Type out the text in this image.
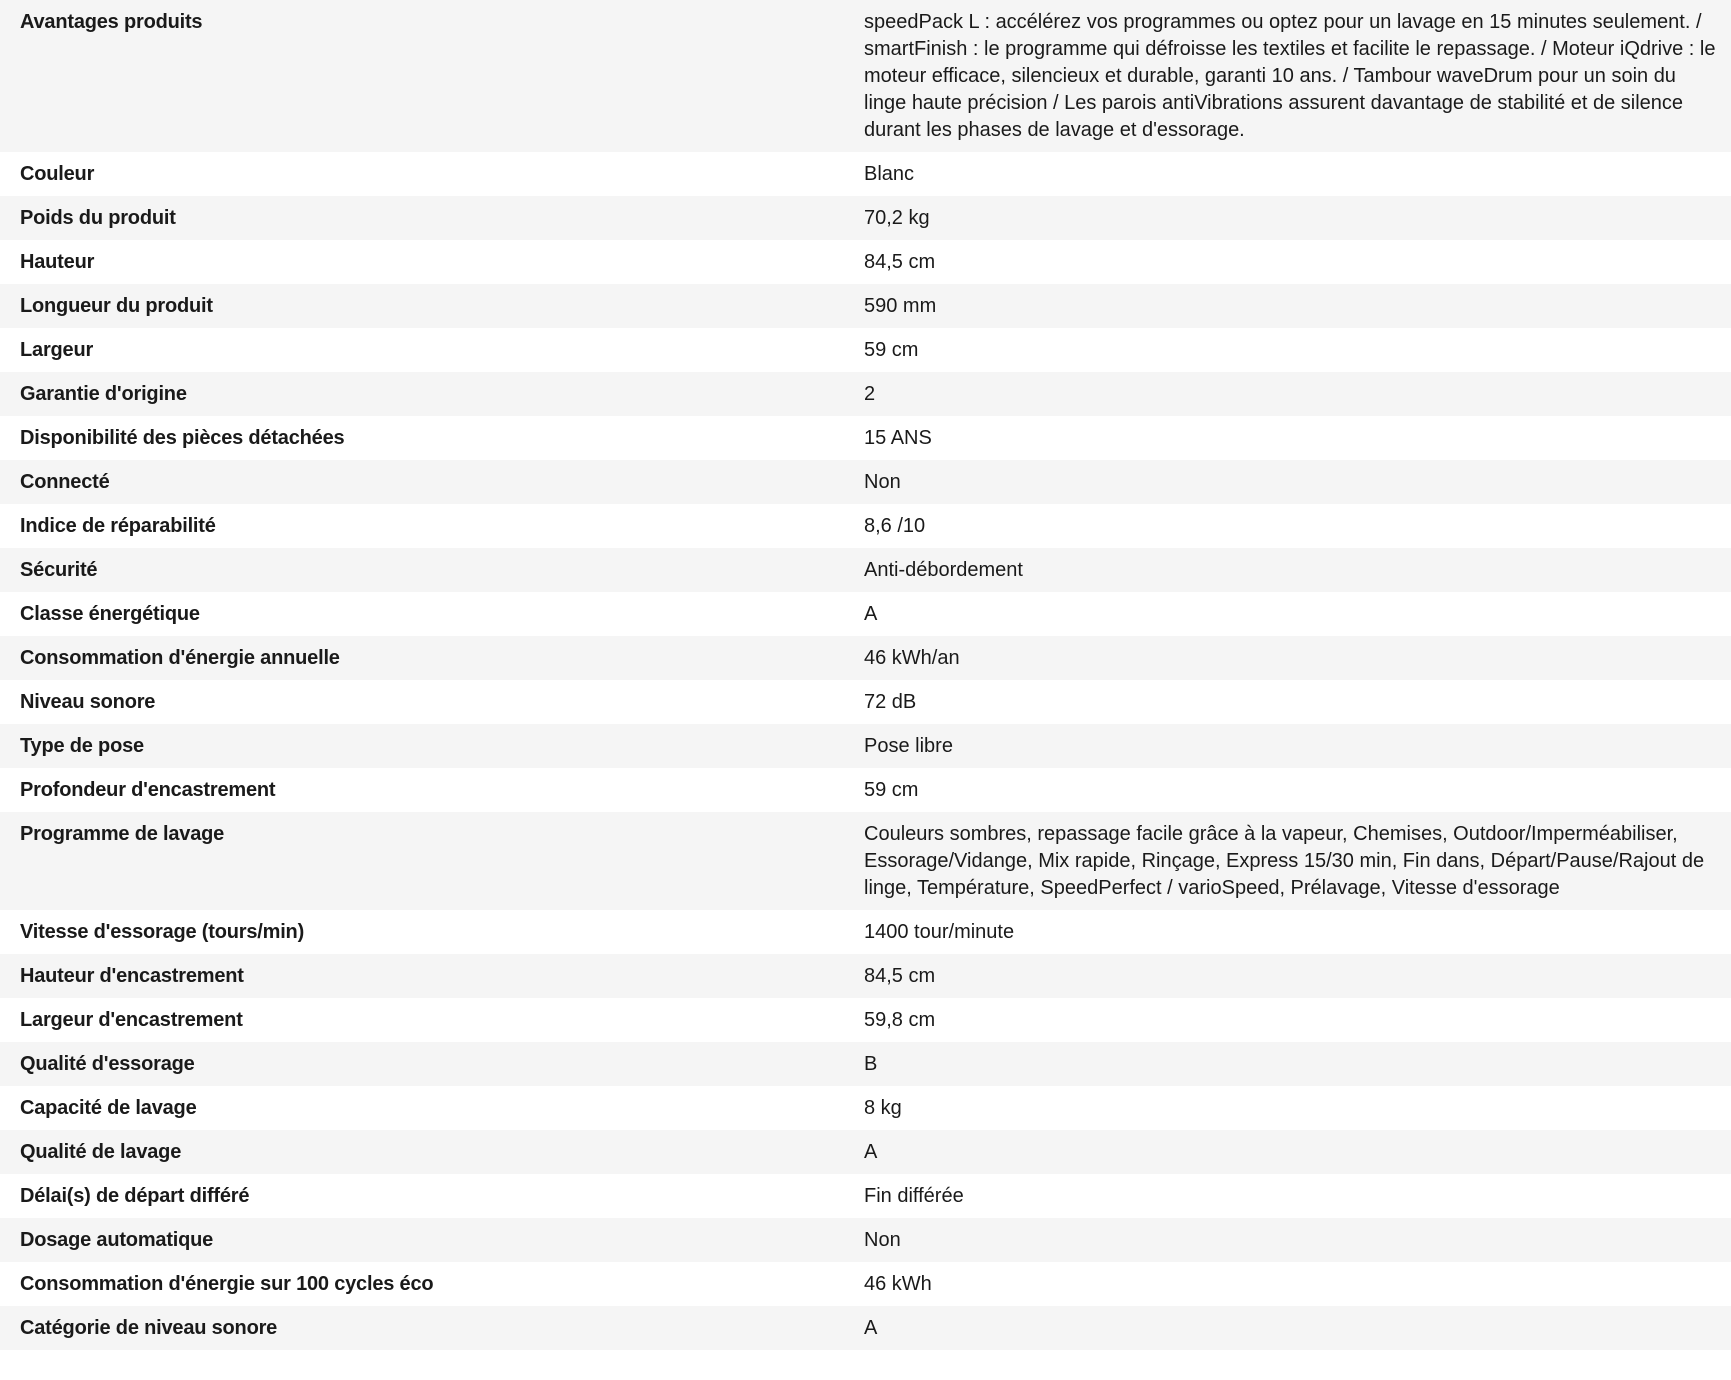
Avantages produits	speedPack L : accélérez vos programmes ou optez pour un lavage en 15 minutes seulement. / smartFinish : le programme qui défroisse les textiles et facilite le repassage. / Moteur iQdrive : le moteur efficace, silencieux et durable, garanti 10 ans. / Tambour waveDrum pour un soin du linge haute précision / Les parois antiVibrations assurent davantage de stabilité et de silence durant les phases de lavage et d'essorage.
Couleur	Blanc
Poids du produit	70,2 kg
Hauteur	84,5 cm
Longueur du produit	590 mm
Largeur	59 cm
Garantie d'origine	2
Disponibilité des pièces détachées	15 ANS
Connecté	Non
Indice de réparabilité	8,6 /10
Sécurité	Anti-débordement
Classe énergétique	A
Consommation d'énergie annuelle	46 kWh/an
Niveau sonore	72 dB
Type de pose	Pose libre
Profondeur d'encastrement	59 cm
Programme de lavage	Couleurs sombres, repassage facile grâce à la vapeur, Chemises, Outdoor/Imperméabiliser, Essorage/Vidange, Mix rapide, Rinçage, Express 15/30 min, Fin dans, Départ/Pause/Rajout de linge, Température, SpeedPerfect / varioSpeed, Prélavage, Vitesse d'essorage
Vitesse d'essorage (tours/min)	1400 tour/minute
Hauteur d'encastrement	84,5 cm
Largeur d'encastrement	59,8 cm
Qualité d'essorage	B
Capacité de lavage	8 kg
Qualité de lavage	A
Délai(s) de départ différé	Fin différée
Dosage automatique	Non
Consommation d'énergie sur 100 cycles éco	46 kWh
Catégorie de niveau sonore	A
